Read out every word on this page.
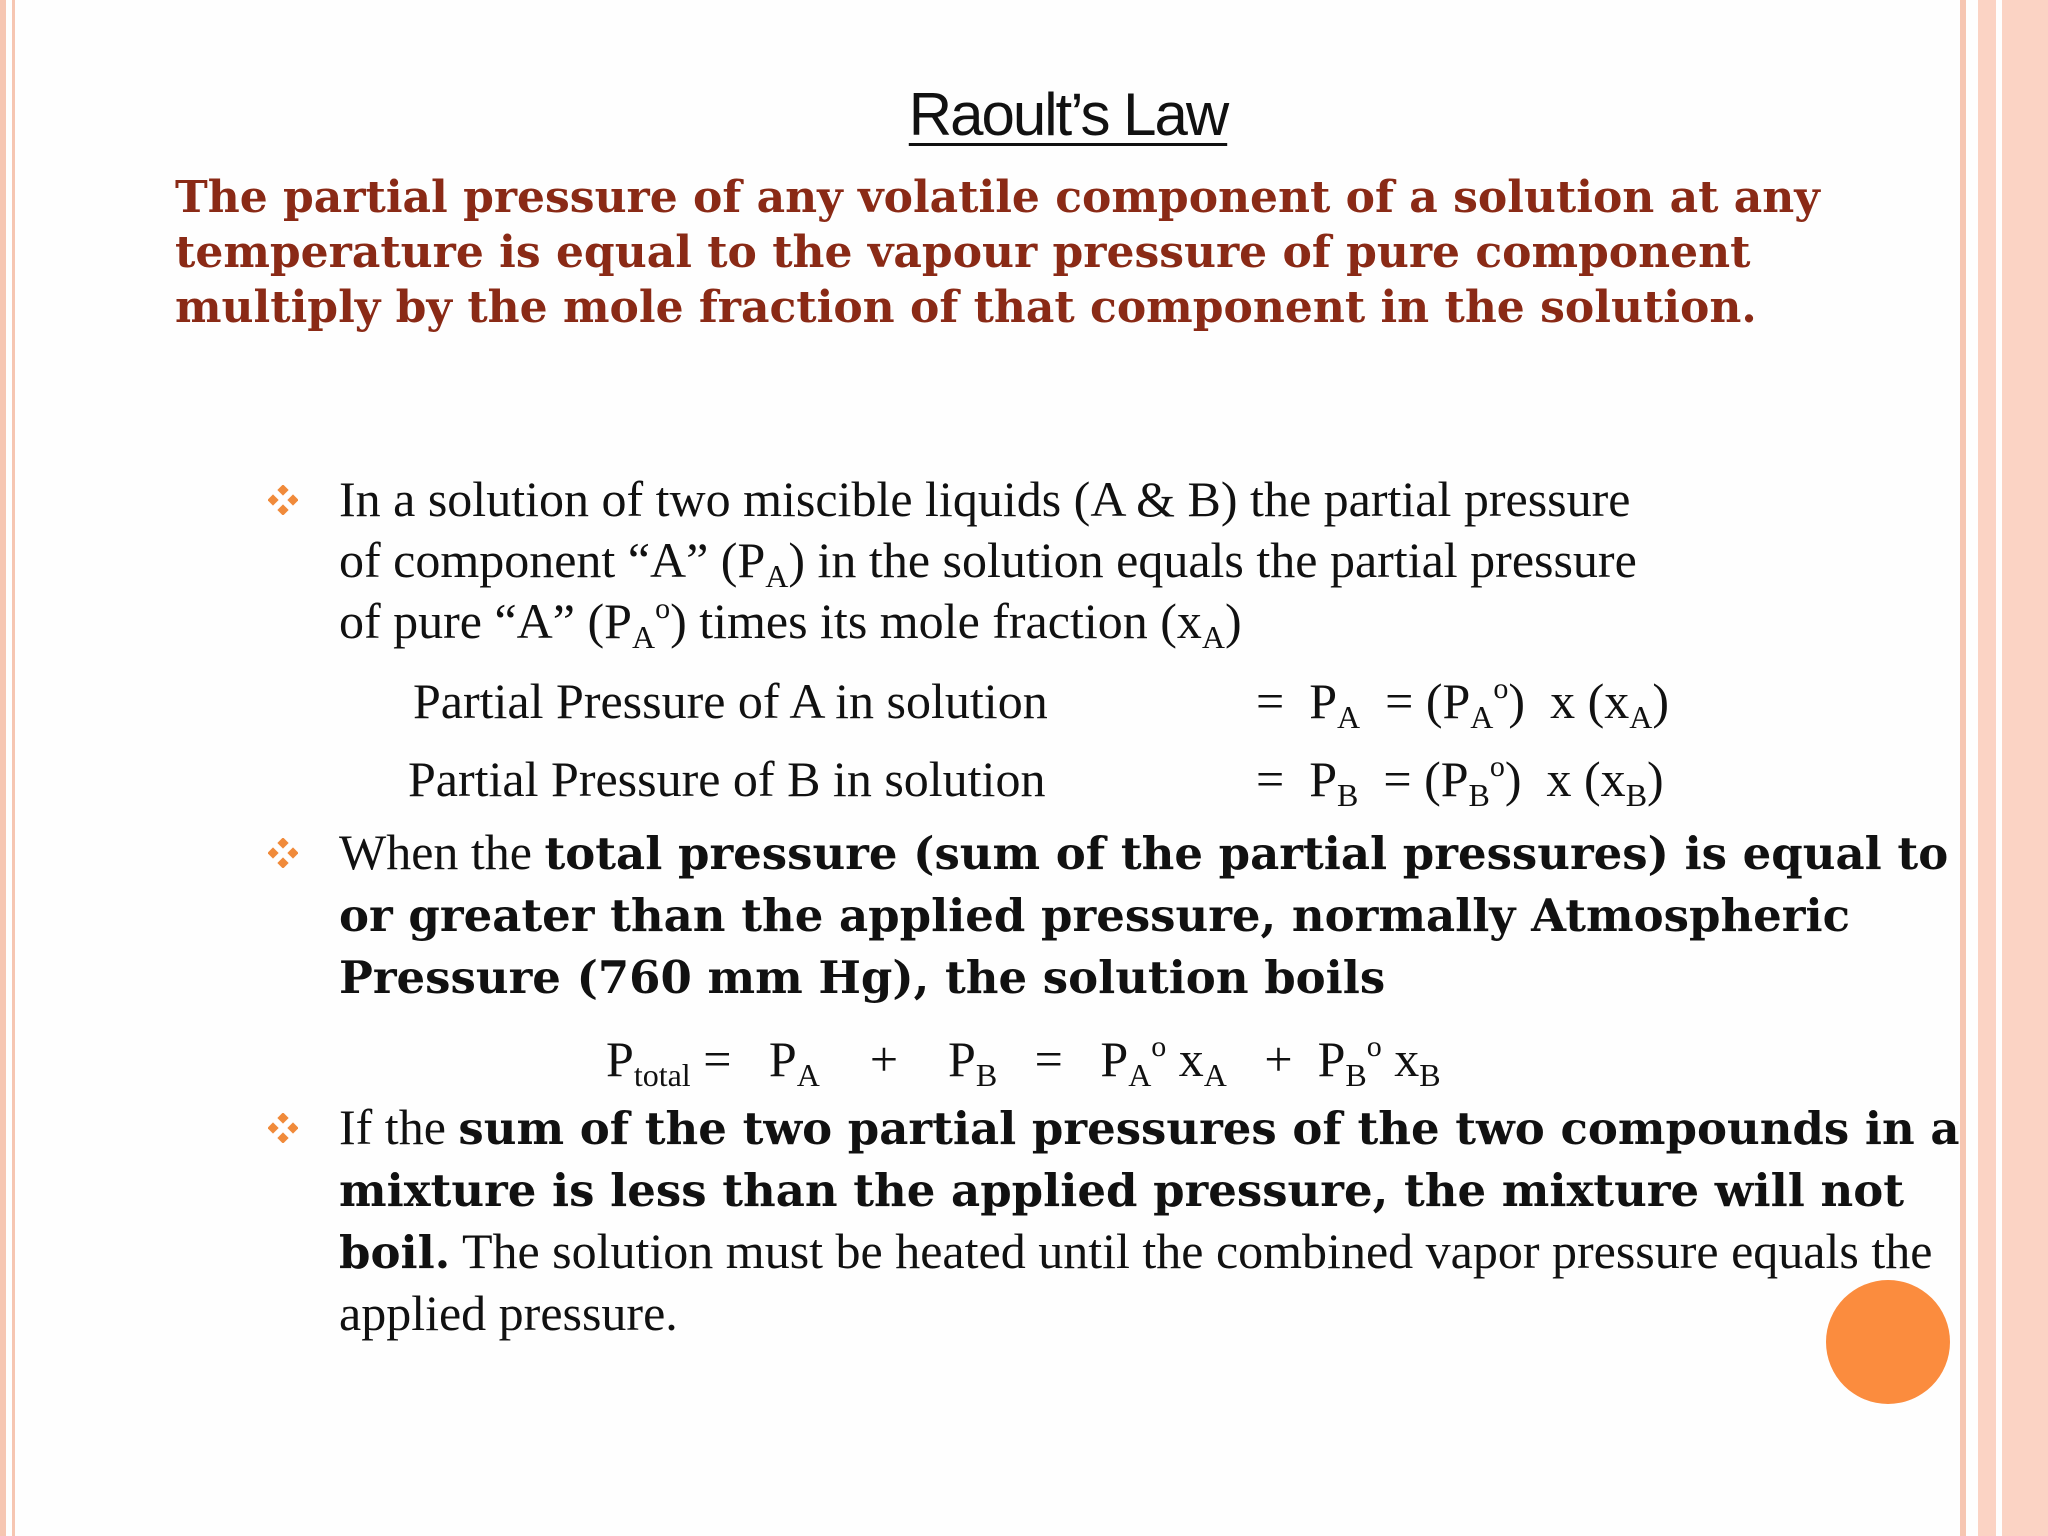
Raoult’s Law
The partial pressure of any volatile component of a solution at any temperature is equal to the vapour pressure of pure component multiply by the mole fraction of that component in the solution.
In a solution of two miscible liquids (A & B) the partial pressure
of component “A” $(P_A)$ in the solution equals the partial pressure
of pure “A” $(P_A^o)$ times its mole fraction $(x_A)$
Partial Pressure of A in solution	= $P_A = (P_A^o)$ x $(x_A)$
Partial Pressure of B in solution	= $P_B = (P_B^o)$ x $(x_B)$
When the total pressure (sum of the partial pressures) is equal to or greater than the applied pressure, normally Atmospheric Pressure (760 mm Hg), the solution boils
$P_{total} = P_A + P_B = P_A^o$ $x_A + P_B^o$ $x_B$
If the sum of the two partial pressures of the two compounds in a mixture is less than the applied pressure, the mixture will not boil. The solution must be heated until the combined vapor pressure equals the applied pressure.
